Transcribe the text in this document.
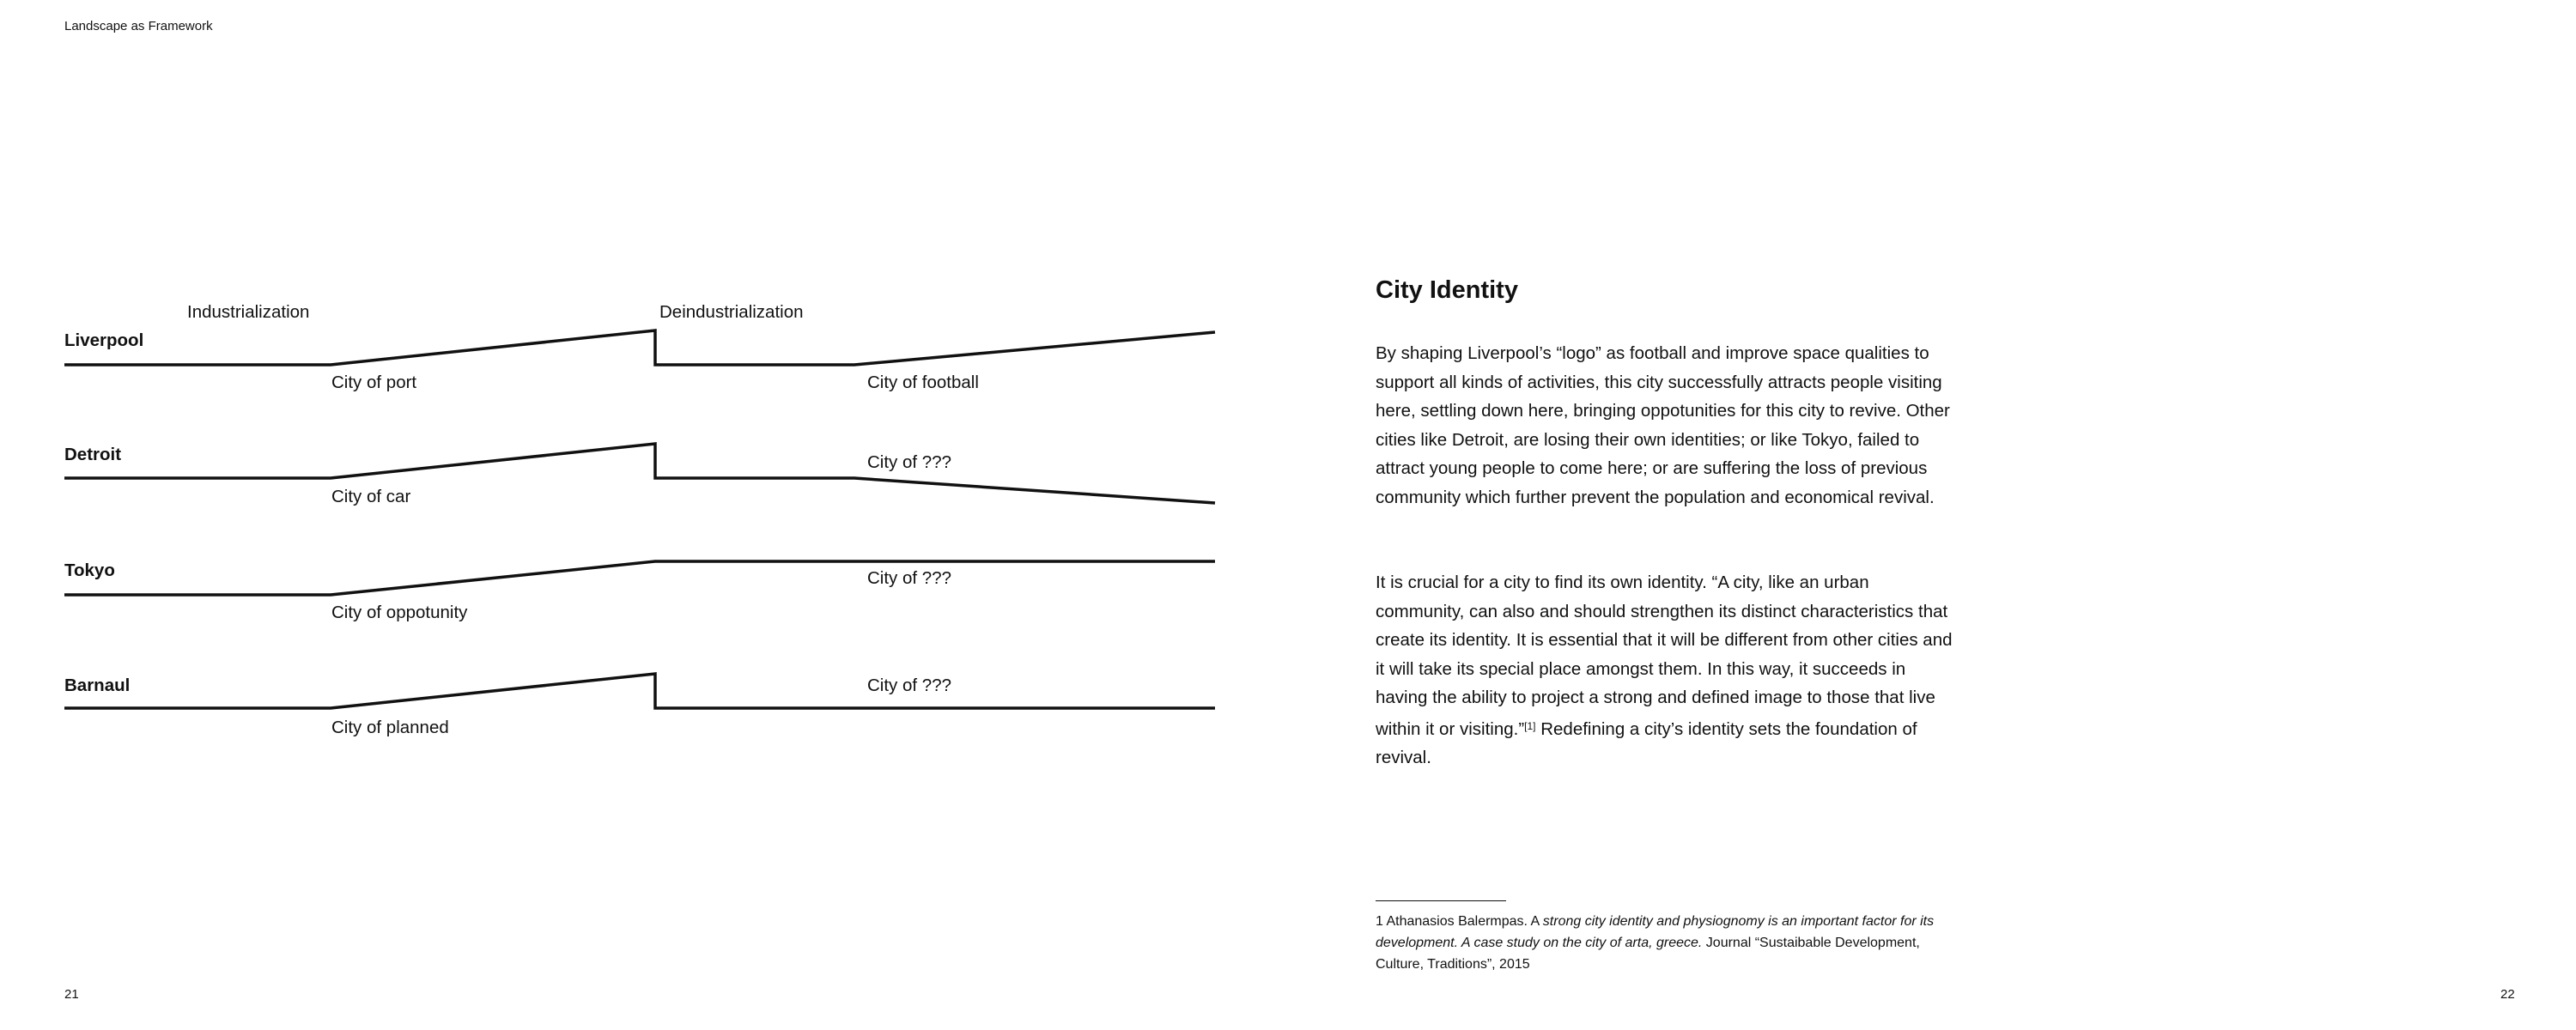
Landscape as Framework
Industrialization	Deindustrialization
Liverpool
City of port	City of football
Detroit
City of car
City of ???
Tokyo
City of oppotunity
City of ???
Barnaul
City of planned
City of ???
City Identity

By shaping Liverpool’s “logo” as football and improve space qualities to support all kinds of activities, this city successfully attracts people visiting here, settling down here, bringing oppotunities for this city to revive. Other cities like Detroit, are losing their own identities; or like Tokyo, failed to attract young people to come here; or are suffering the loss of previous community which further prevent the population and economical revival.

It is crucial for a city to find its own identity. “A city, like an urban community, can also and should strengthen its distinct characteristics that create its identity. It is essential that it will be different from other cities and it will take its special place amongst them. In this way, it succeeds in having the ability to project a strong and defined image to those that live within it or visiting.”[1] Redefining a city’s identity sets the foundation of revival.

1 Athanasios Balermpas. A strong city identity and physiognomy is an important factor for its development. A case study on the city of arta, greece. Journal “Sustaibable Development, Culture, Traditions”, 2015

21	22
